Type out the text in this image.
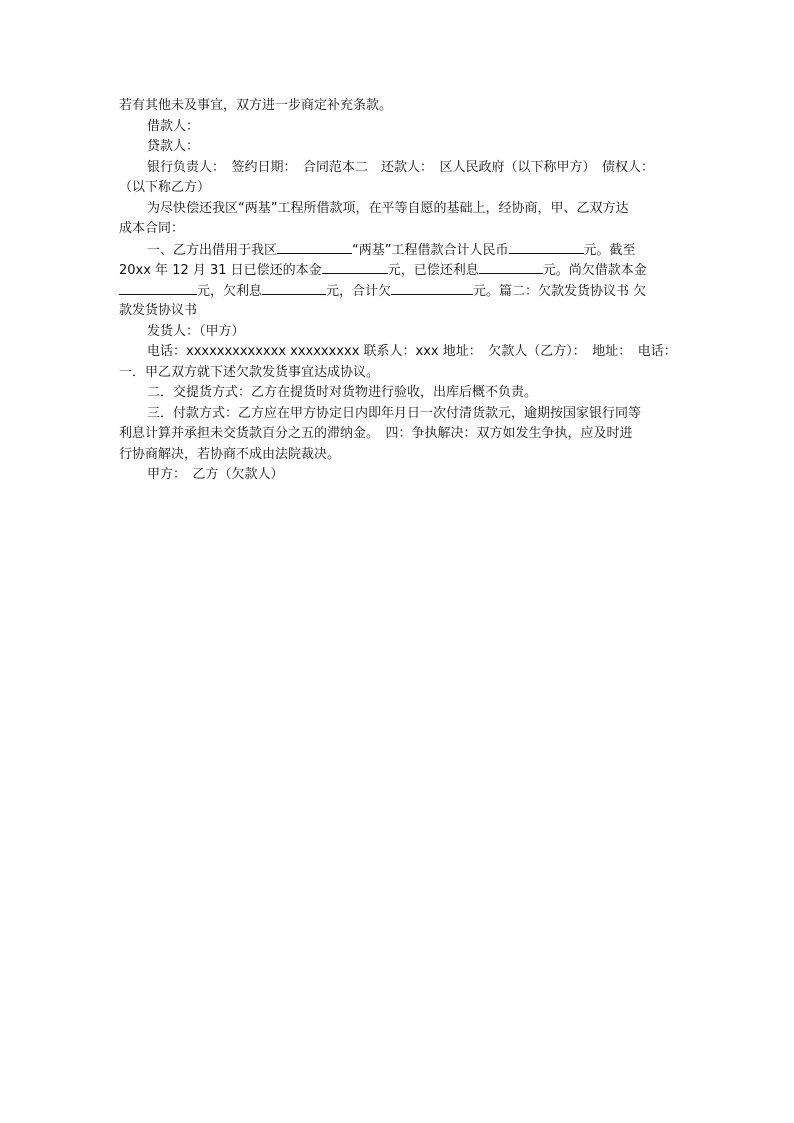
若有其他未及事宜，双方进一步商定补充条款。
借款人：
贷款人：
银行负责人：　签约日期：　合同范本二　还款人：　区人民政府（以下称甲方）　债权人：
（以下称乙方）
为尽快偿还我区“两基”工程所借款项，在平等自愿的基础上，经协商，甲、乙双方达
成本合同：
一、乙方出借用于我区	“两基”工程借款合计人民币	元。截至
20xx 年 12 月 31 日已偿还的本金	元，已偿还利息	元。尚欠借款本金
元，欠利息	元，合计欠	元。篇二：欠款发货协议书 欠
款发货协议书
发货人：（甲方）
电话：xxxxxxxxxxxxx xxxxxxxxx 联系人：xxx 地址：　欠款人（乙方）：　地址：　电话：
一．甲乙双方就下述欠款发货事宜达成协议。
二．交提货方式：乙方在提货时对货物进行验收，出库后概不负责。
三．付款方式：乙方应在甲方协定日内即年月日一次付清货款元，逾期按国家银行同等
利息计算并承担未交货款百分之五的滞纳金。　四：争执解决：双方如发生争执，应及时进
行协商解决，若协商不成由法院裁决。
甲方：　乙方（欠款人）
